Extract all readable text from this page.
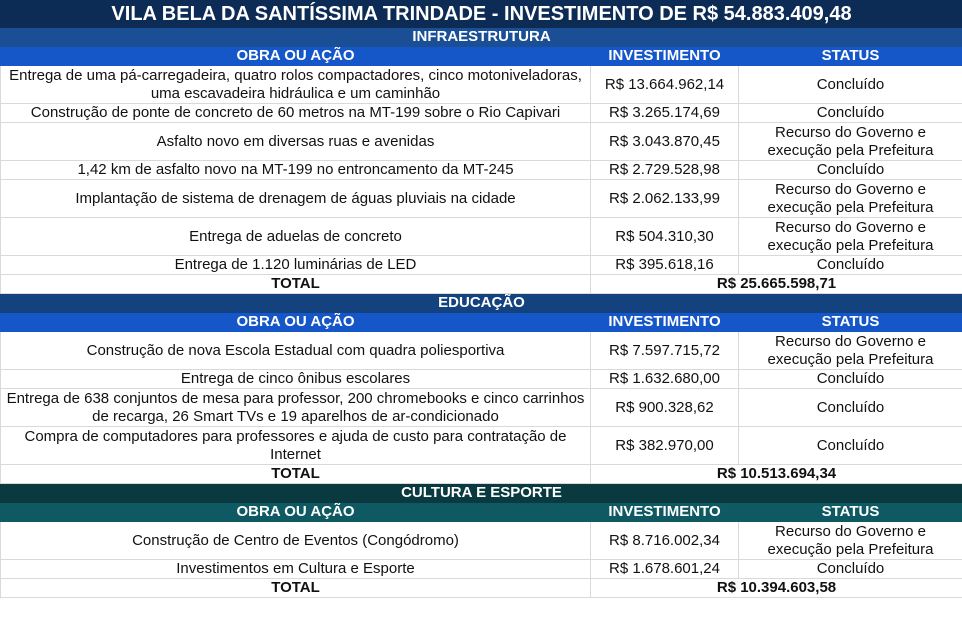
VILA BELA DA SANTÍSSIMA TRINDADE - INVESTIMENTO DE R$ 54.883.409,48		
INFRAESTRUTURA		
OBRA OU AÇÃO	INVESTIMENTO	STATUS
Entrega de uma pá-carregadeira, quatro rolos compactadores, cinco motoniveladoras, uma escavadeira hidráulica e um caminhão	R$ 13.664.962,14	Concluído
Construção de ponte de concreto de 60 metros na MT-199 sobre o Rio Capivari	R$ 3.265.174,69	Concluído
Asfalto novo em diversas ruas e avenidas	R$ 3.043.870,45	Recurso do Governo e execução pela Prefeitura
1,42 km de asfalto novo na MT-199 no entroncamento da MT-245	R$ 2.729.528,98	Concluído
Implantação de sistema de drenagem de águas pluviais na cidade	R$ 2.062.133,99	Recurso do Governo e execução pela Prefeitura
Entrega de aduelas de concreto	R$ 504.310,30	Recurso do Governo e execução pela Prefeitura
Entrega de 1.120 luminárias de LED	R$ 395.618,16	Concluído
TOTAL	R$ 25.665.598,71	
EDUCAÇÃO		
OBRA OU AÇÃO	INVESTIMENTO	STATUS
Construção de nova Escola Estadual com quadra poliesportiva	R$ 7.597.715,72	Recurso do Governo e execução pela Prefeitura
Entrega de cinco ônibus escolares	R$ 1.632.680,00	Concluído
Entrega de 638 conjuntos de mesa para professor, 200 chromebooks e cinco carrinhos de recarga, 26 Smart TVs e 19 aparelhos de ar-condicionado	R$ 900.328,62	Concluído
Compra de computadores para professores e ajuda de custo para contratação de Internet	R$ 382.970,00	Concluído
TOTAL	R$ 10.513.694,34	
CULTURA E ESPORTE		
OBRA OU AÇÃO	INVESTIMENTO	STATUS
Construção de Centro de Eventos (Congódromo)	R$ 8.716.002,34	Recurso do Governo e execução pela Prefeitura
Investimentos em Cultura e Esporte	R$ 1.678.601,24	Concluído
TOTAL	R$ 10.394.603,58	
